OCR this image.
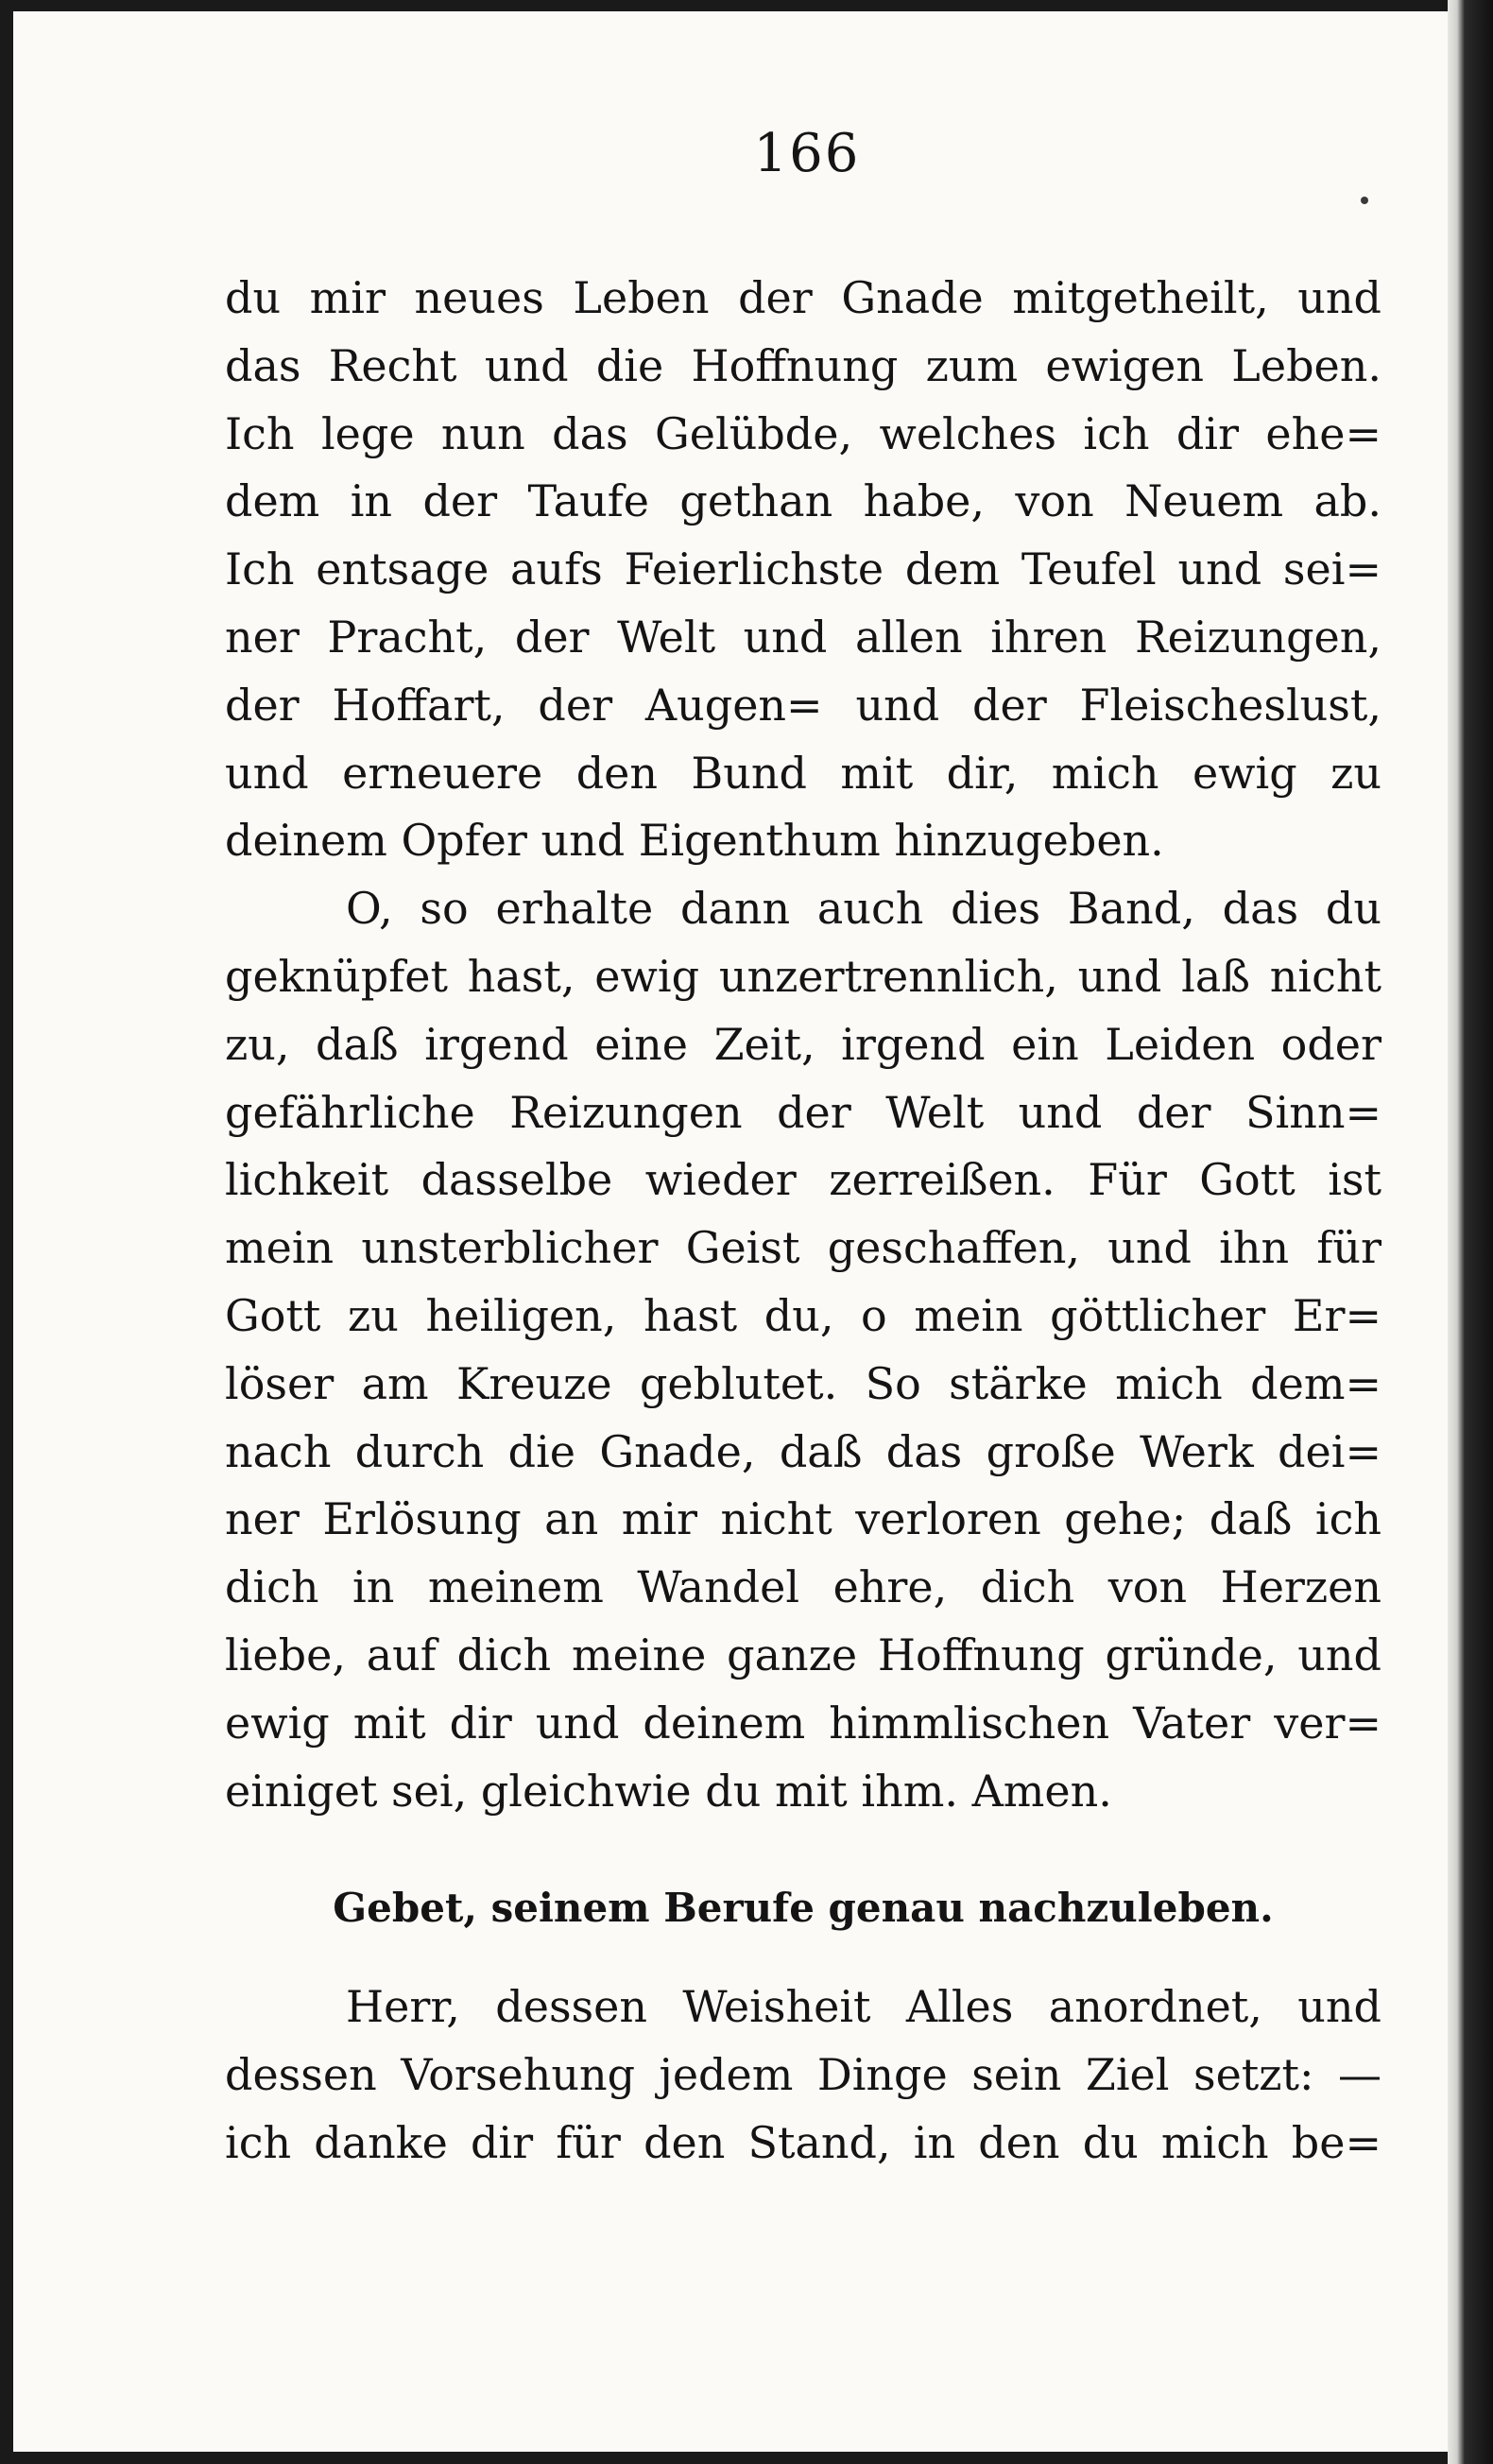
166
du mir neues Leben der Gnade mitgetheilt, und
das Recht und die Hoffnung zum ewigen Leben.
Ich lege nun das Gelübde, welches ich dir ehe=
dem in der Taufe gethan habe, von Neuem ab.
Ich entsage aufs Feierlichste dem Teufel und sei=
ner Pracht, der Welt und allen ihren Reizungen,
der Hoffart, der Augen= und der Fleischeslust,
und erneuere den Bund mit dir, mich ewig zu
deinem Opfer und Eigenthum hinzugeben.
O, so erhalte dann auch dies Band, das du
geknüpfet hast, ewig unzertrennlich, und laß nicht
zu, daß irgend eine Zeit, irgend ein Leiden oder
gefährliche Reizungen der Welt und der Sinn=
lichkeit dasselbe wieder zerreißen. Für Gott ist
mein unsterblicher Geist geschaffen, und ihn für
Gott zu heiligen, hast du, o mein göttlicher Er=
löser am Kreuze geblutet. So stärke mich dem=
nach durch die Gnade, daß das große Werk dei=
ner Erlösung an mir nicht verloren gehe; daß ich
dich in meinem Wandel ehre, dich von Herzen
liebe, auf dich meine ganze Hoffnung gründe, und
ewig mit dir und deinem himmlischen Vater ver=
einiget sei, gleichwie du mit ihm. Amen.
Gebet, seinem Berufe genau nachzuleben.
Herr, dessen Weisheit Alles anordnet, und
dessen Vorsehung jedem Dinge sein Ziel setzt: —
ich danke dir für den Stand, in den du mich be=
